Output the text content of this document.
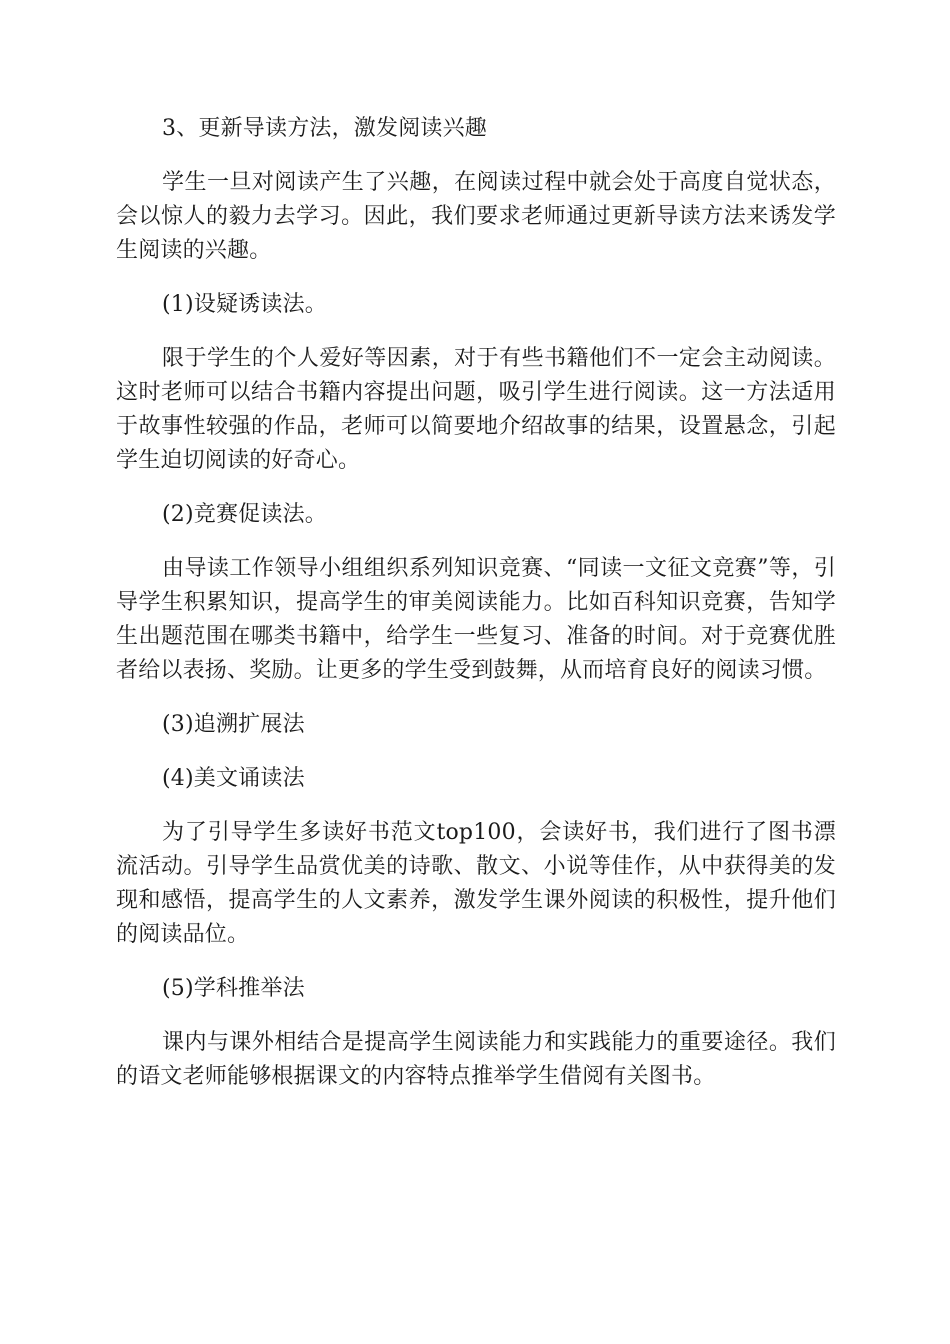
3、更新导读方法，激发阅读兴趣

学生一旦对阅读产生了兴趣，在阅读过程中就会处于高度自觉状态，会以惊人的毅力去学习。因此，我们要求老师通过更新导读方法来诱发学生阅读的兴趣。

(1)设疑诱读法。

限于学生的个人爱好等因素，对于有些书籍他们不一定会主动阅读。这时老师可以结合书籍内容提出问题，吸引学生进行阅读。这一方法适用于故事性较强的作品，老师可以简要地介绍故事的结果，设置悬念，引起学生迫切阅读的好奇心。

(2)竞赛促读法。

由导读工作领导小组组织系列知识竞赛、“同读一文征文竞赛”等，引导学生积累知识，提高学生的审美阅读能力。比如百科知识竞赛，告知学生出题范围在哪类书籍中，给学生一些复习、准备的时间。对于竞赛优胜者给以表扬、奖励。让更多的学生受到鼓舞，从而培育良好的阅读习惯。

(3)追溯扩展法

(4)美文诵读法

为了引导学生多读好书范文top100，会读好书，我们进行了图书漂流活动。引导学生品赏优美的诗歌、散文、小说等佳作，从中获得美的发现和感悟，提高学生的人文素养，激发学生课外阅读的积极性，提升他们的阅读品位。

(5)学科推举法

课内与课外相结合是提高学生阅读能力和实践能力的重要途径。我们的语文老师能够根据课文的内容特点推举学生借阅有关图书。
